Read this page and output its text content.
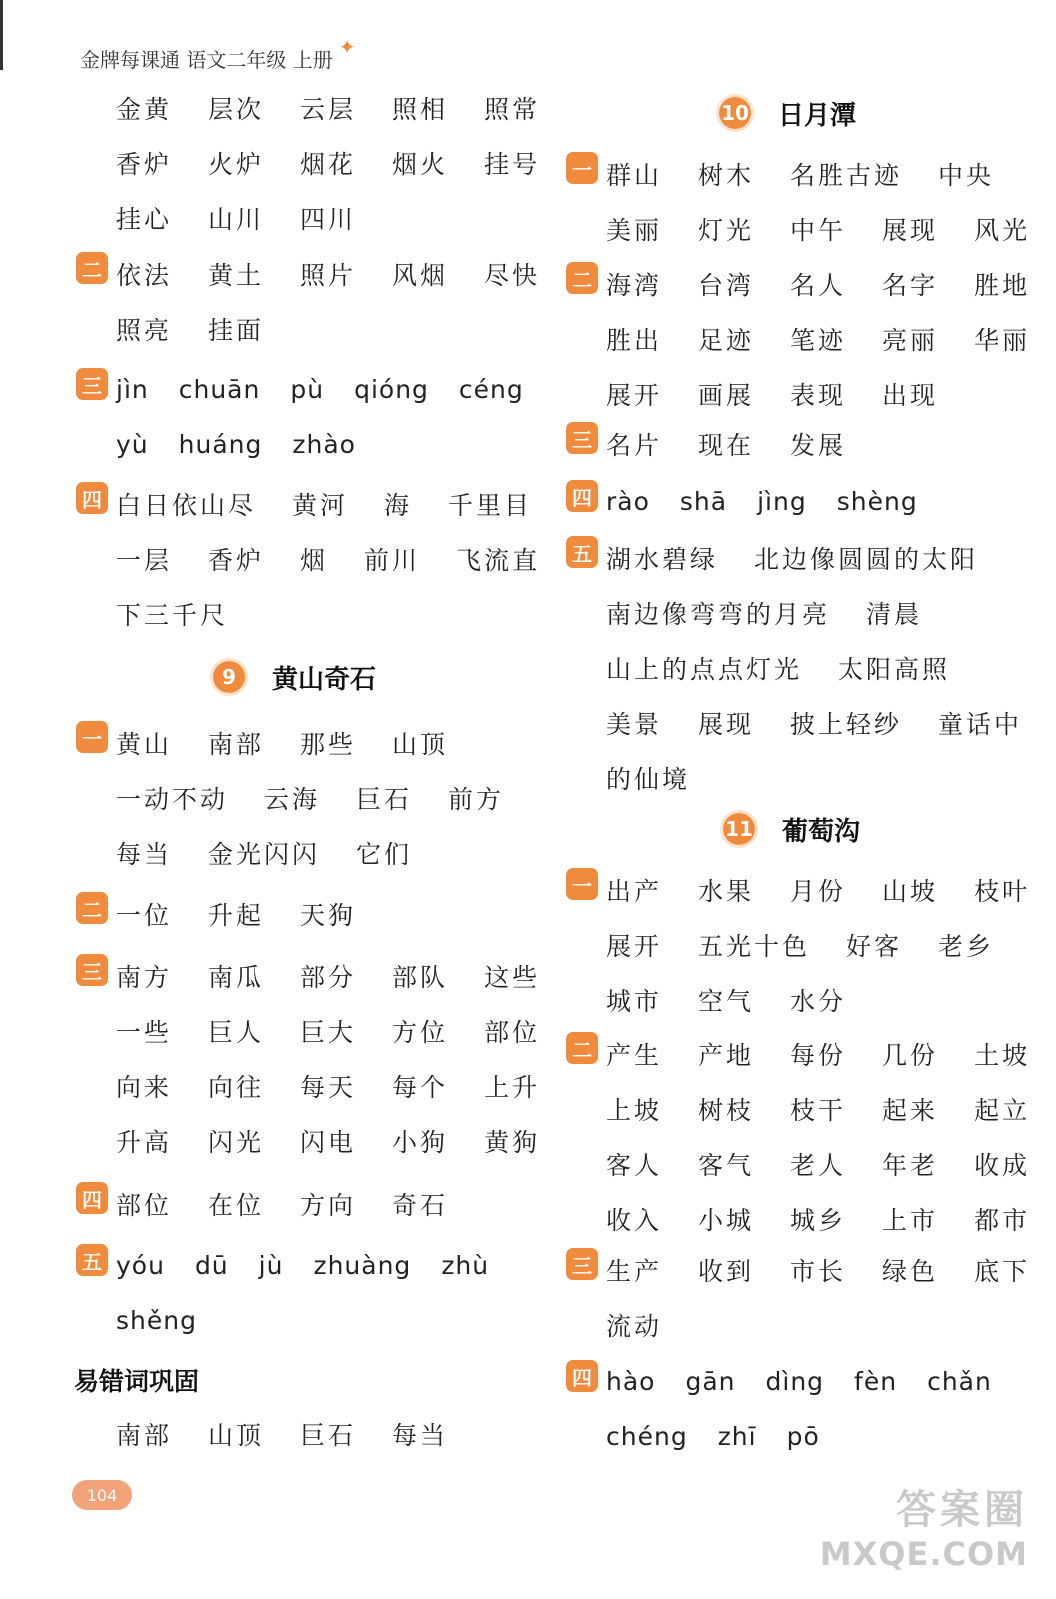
金牌每课通 语文二年级 上册
✦
金黄 层次 云层 照相 照常
香炉 火炉 烟花 烟火 挂号
挂心 山川 四川
二 依法 黄土 照片 风烟 尽快
照亮 挂面
三 jìn chuān pù qióng céng
yù huáng zhào
四 白日依山尽 黄河 海 千里目
一层 香炉 烟 前川 飞流直
下三千尺
9	黄山奇石
一 黄山 南部 那些 山顶
一动不动 云海 巨石 前方
每当 金光闪闪 它们
二 一位 升起 天狗
三 南方 南瓜 部分 部队 这些
一些 巨人 巨大 方位 部位
向来 向往 每天 每个 上升
升高 闪光 闪电 小狗 黄狗
四 部位 在位 方向 奇石
五 yóu dū jù zhuàng zhù
shěng
易错词巩固
南部 山顶 巨石 每当
10 日月潭
一 群山 树木 名胜古迹 中央
美丽 灯光 中午 展现 风光
二 海湾 台湾 名人 名字 胜地
胜出 足迹 笔迹 亮丽 华丽
展开 画展 表现 出现
三 名片 现在 发展
四 rào shā jìng shèng
五 湖水碧绿 北边像圆圆的太阳
南边像弯弯的月亮 清晨
山上的点点灯光 太阳高照
美景 展现 披上轻纱 童话中
的仙境
11 葡萄沟
一 出产 水果 月份 山坡 枝叶
展开 五光十色 好客 老乡
城市 空气 水分
二 产生 产地 每份 几份 土坡
上坡 树枝 枝干 起来 起立
客人 客气 老人 年老 收成
收入 小城 城乡 上市 都市
三 生产 收到 市长 绿色 底下
流动
四 hào gān dìng fèn chǎn
chéng zhī pō
104	答案圈
MXQE.COM
